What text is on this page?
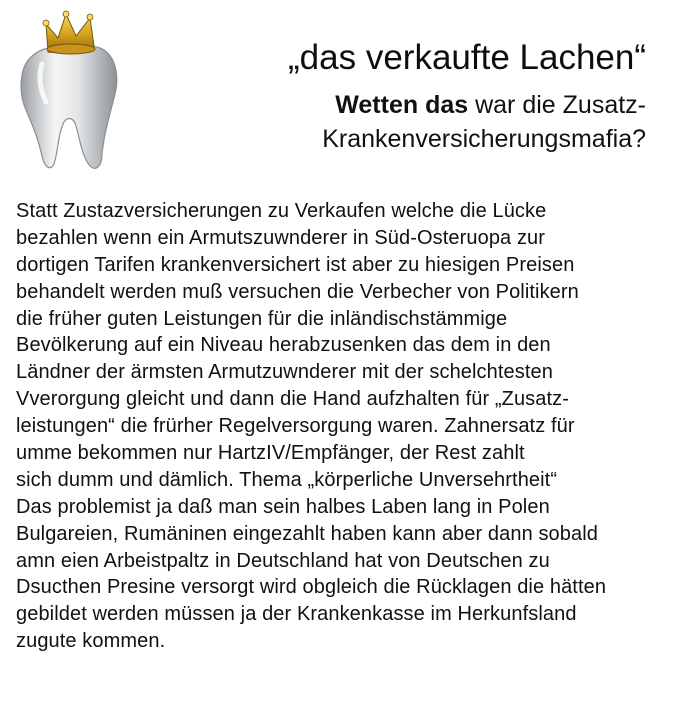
„das verkaufte Lachen“
Wetten das war die Zusatz-
Krankenversicherungsmafia?
Statt Zustazversicherungen zu Verkaufen welche die Lücke
bezahlen wenn ein Armutszuwnderer in Süd-Osteruopa zur
dortigen Tarifen krankenversichert ist aber zu hiesigen Preisen
behandelt werden muß versuchen die Verbecher von Politikern
die früher guten Leistungen für die inländischstämmige
Bevölkerung auf ein Niveau herabzusenken das dem in den
Ländner der ärmsten Armutzuwnderer mit der schelchtesten
Vverorgung gleicht und dann die Hand aufzhalten für „Zusatz-
leistungen“ die frürher Regelversorgung waren. Zahnersatz für
umme bekommen nur HartzIV/Empfänger, der Rest zahlt
sich dumm und dämlich. Thema „körperliche Unversehrtheit“
Das problemist ja daß man sein halbes Laben lang in Polen
Bulgareien, Rumäninen eingezahlt haben kann aber dann sobald
amn eien Arbeistpaltz in Deutschland hat von Deutschen zu
Dsucthen Presine versorgt wird obgleich die Rücklagen die hätten
gebildet werden müssen ja der Krankenkasse im Herkunfsland
zugute kommen.
